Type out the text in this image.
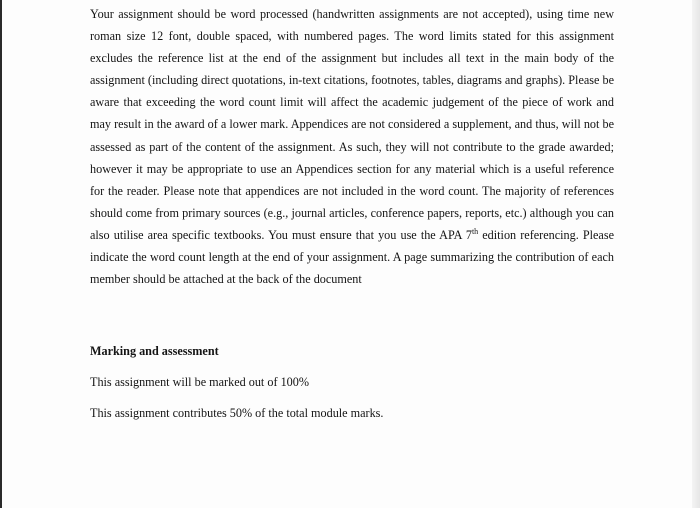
Your assignment should be word processed (handwritten assignments are not accepted), using time new roman size 12 font, double spaced, with numbered pages. The word limits stated for this assignment excludes the reference list at the end of the assignment but includes all text in the main body of the assignment (including direct quotations, in-text citations, footnotes, tables, diagrams and graphs). Please be aware that exceeding the word count limit will affect the academic judgement of the piece of work and may result in the award of a lower mark. Appendices are not considered a supplement, and thus, will not be assessed as part of the content of the assignment. As such, they will not contribute to the grade awarded; however it may be appropriate to use an Appendices section for any material which is a useful reference for the reader. Please note that appendices are not included in the word count. The majority of references should come from primary sources (e.g., journal articles, conference papers, reports, etc.) although you can also utilise area specific textbooks. You must ensure that you use the APA 7th edition referencing. Please indicate the word count length at the end of your assignment. A page summarizing the contribution of each member should be attached at the back of the document

Marking and assessment

This assignment will be marked out of 100%

This assignment contributes 50% of the total module marks.
